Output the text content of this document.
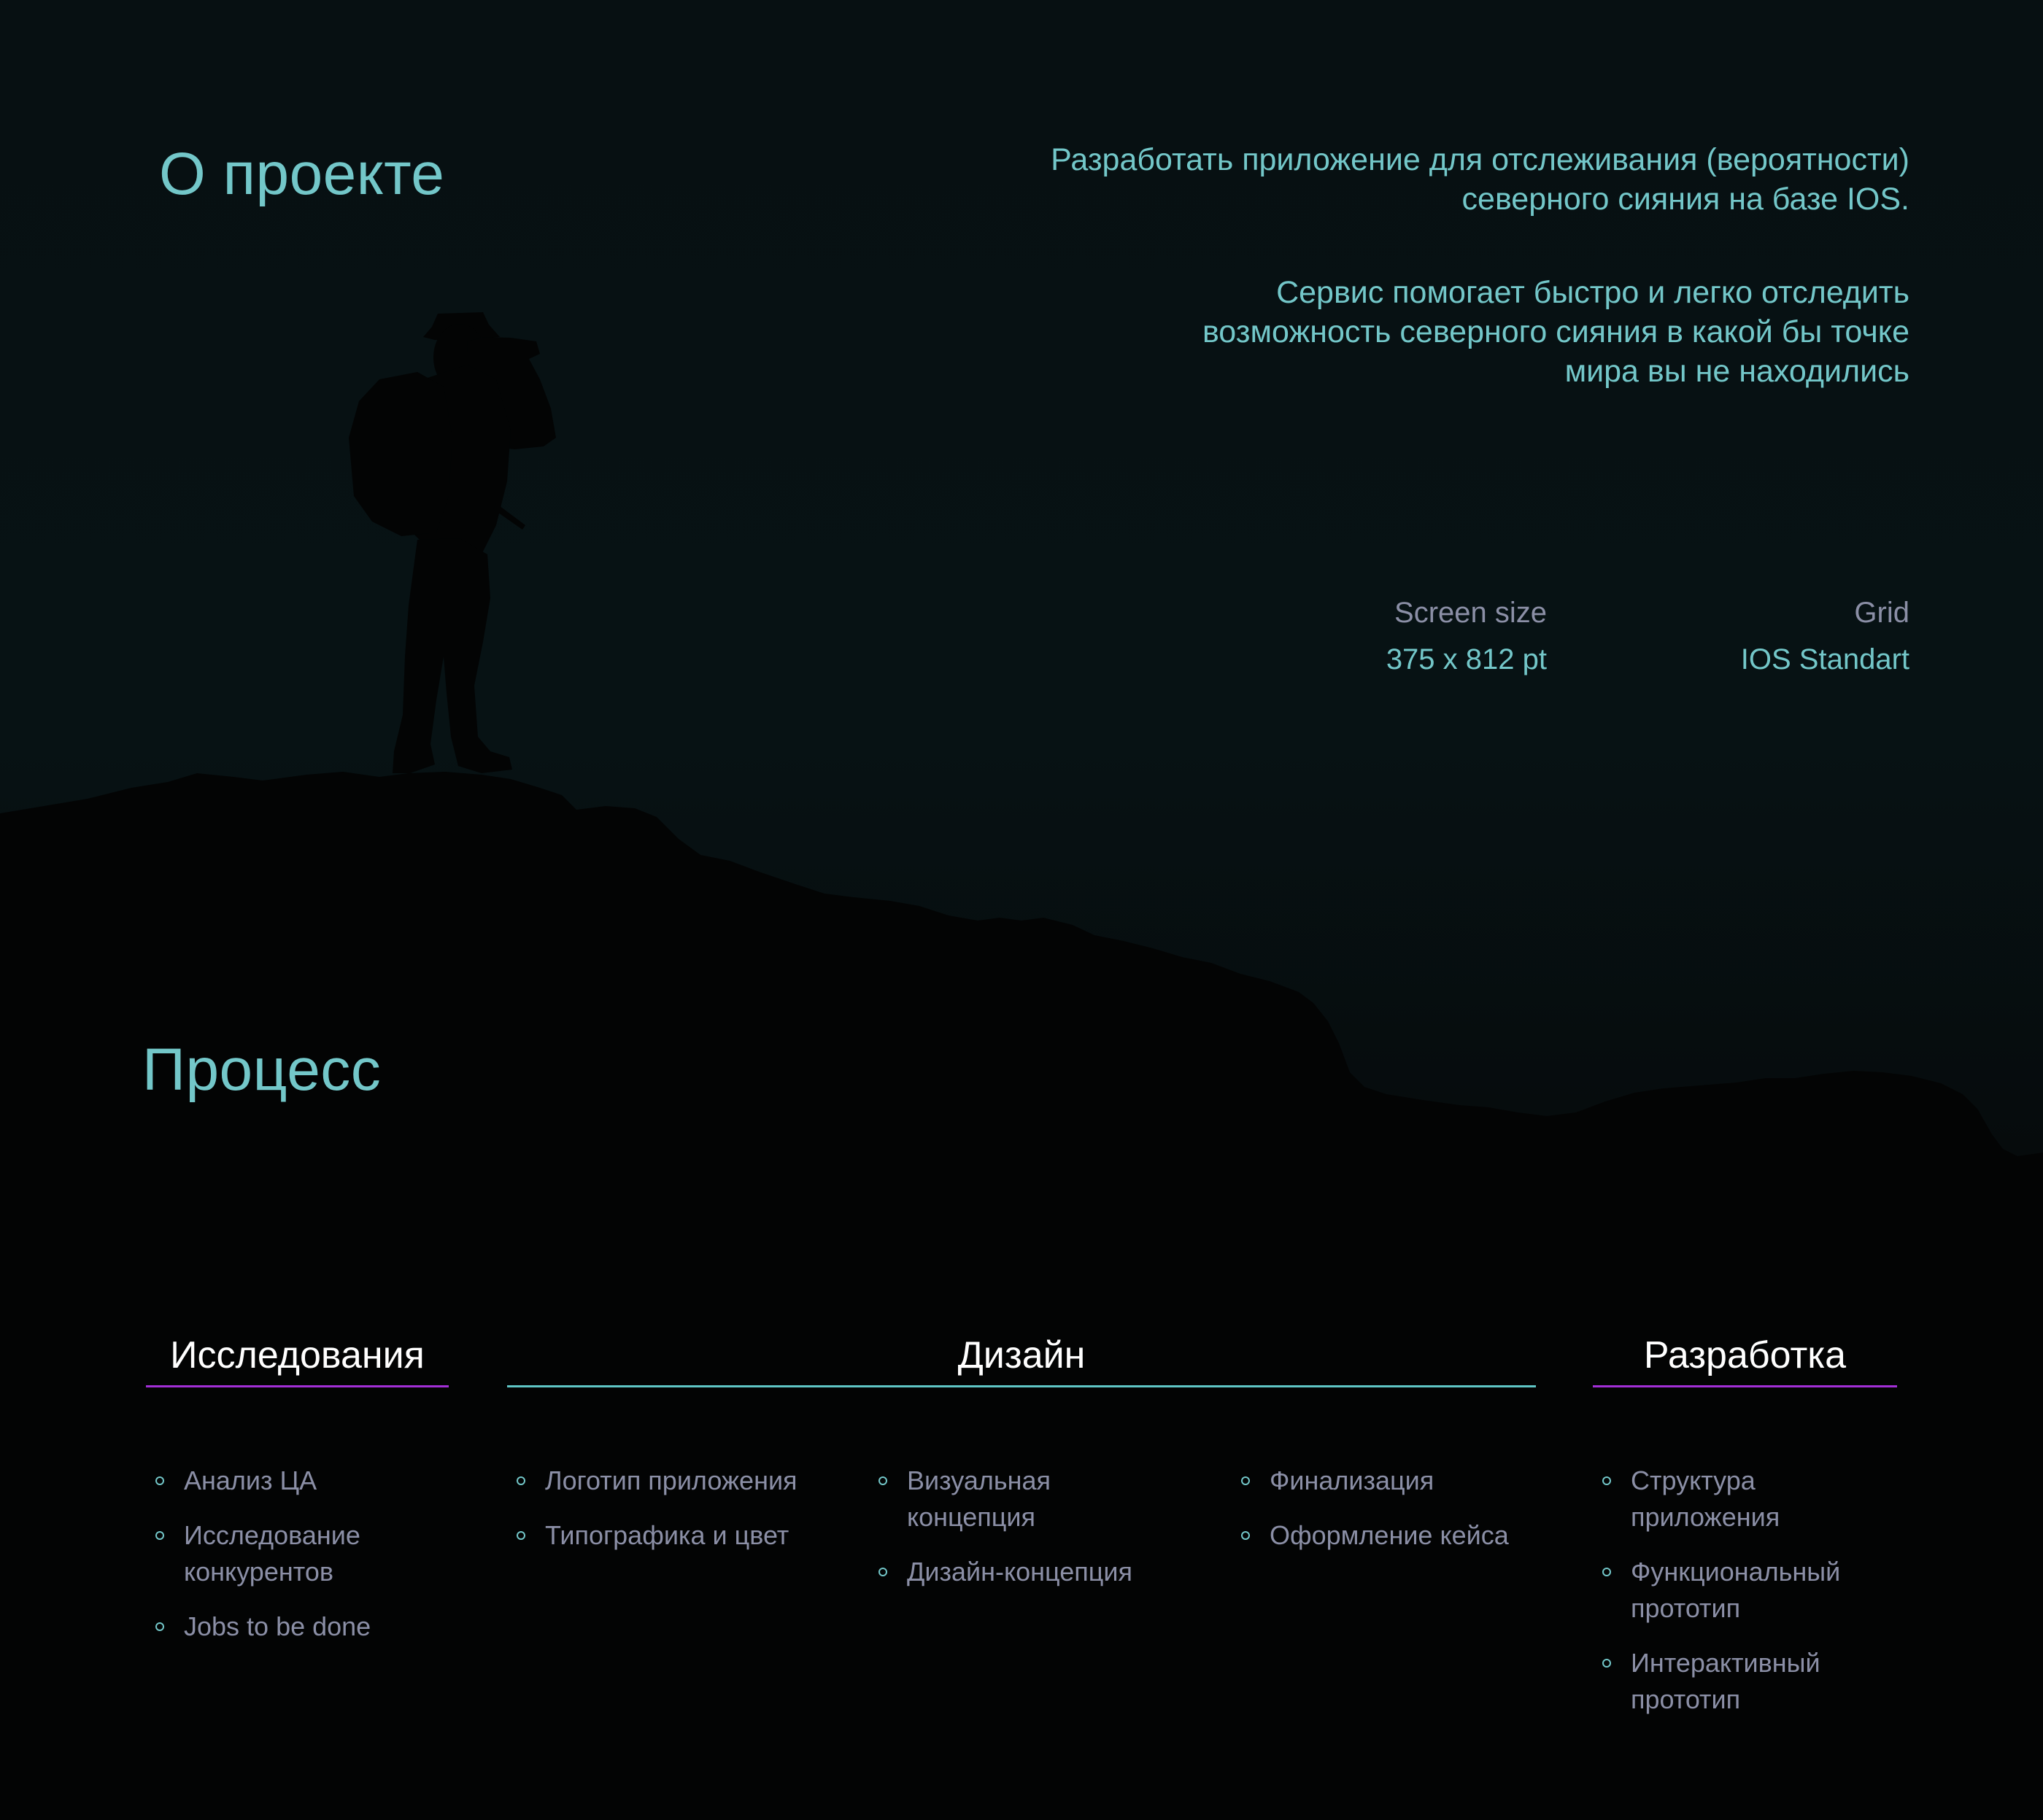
О проекте	Разработать приложение для отслеживания (вероятности) северного сияния на базе IOS.

Сервис помогает быстро и легко отследить возможность северного сияния в какой бы точке мира вы не находились

Screen size
375 x 812 pt
Grid
IOS Standart
Процесс
Исследования	Дизайн	Разработка
Анализ ЦА
Исследование конкурентов
Jobs to be done
Логотип приложения
Типографика и цвет
Визуальная концепция
Дизайн-концепция
Финализация
Оформление кейса
Структура приложения
Функциональный прототип
Интерактивный прототип
